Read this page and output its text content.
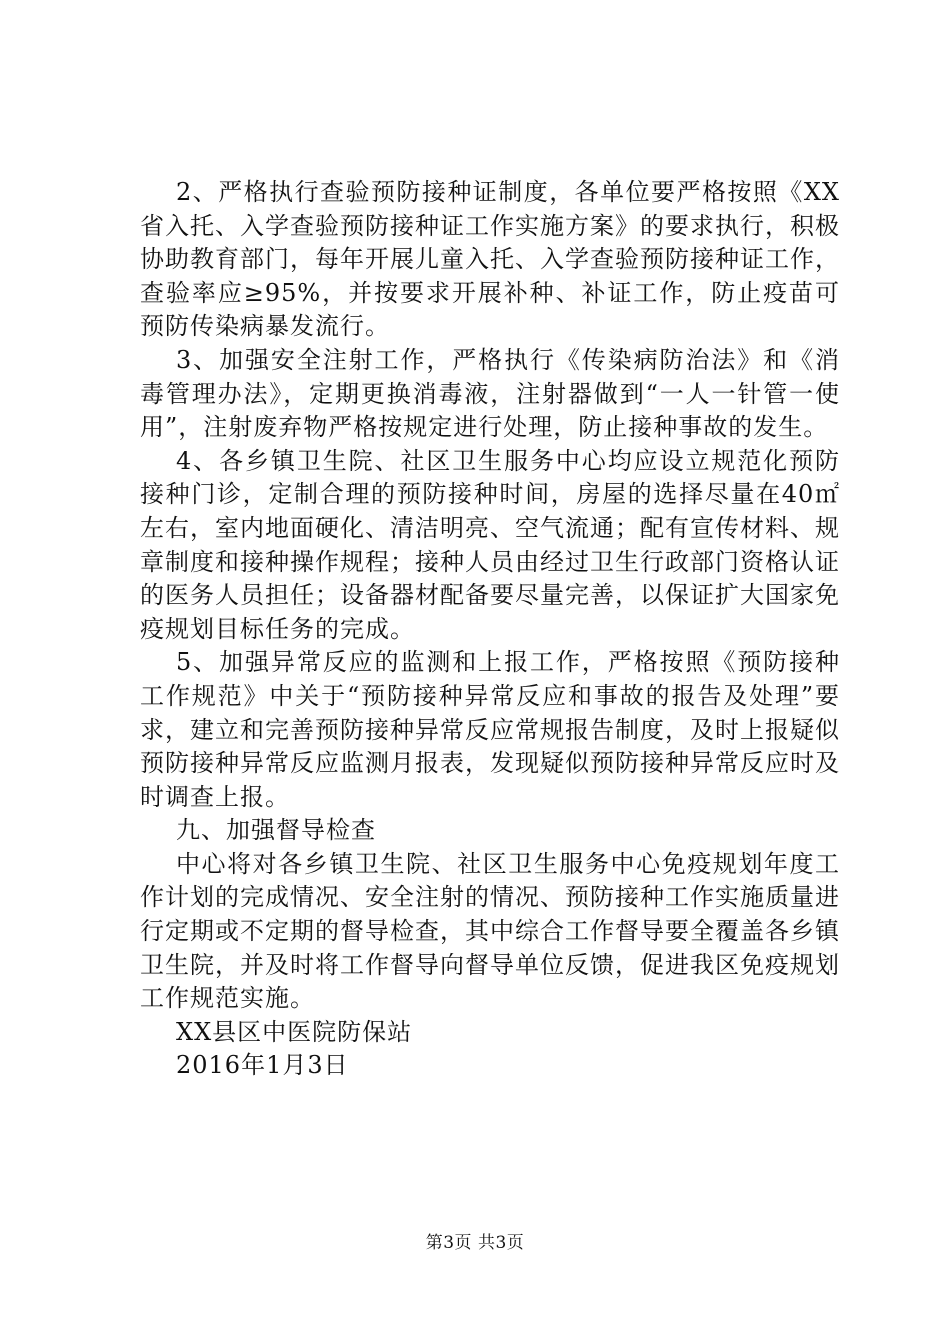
2、严格执行查验预防接种证制度，各单位要严格按照《XX省入托、入学查验预防接种证工作实施方案》的要求执行，积极协助教育部门，每年开展儿童入托、入学查验预防接种证工作，查验率应≥95%，并按要求开展补种、补证工作，防止疫苗可预防传染病暴发流行。

3、加强安全注射工作，严格执行《传染病防治法》和《消毒管理办法》，定期更换消毒液，注射器做到“一人一针管一使用”，注射废弃物严格按规定进行处理，防止接种事故的发生。

4、各乡镇卫生院、社区卫生服务中心均应设立规范化预防接种门诊，定制合理的预防接种时间，房屋的选择尽量在40㎡左右，室内地面硬化、清洁明亮、空气流通；配有宣传材料、规章制度和接种操作规程；接种人员由经过卫生行政部门资格认证的医务人员担任；设备器材配备要尽量完善，以保证扩大国家免疫规划目标任务的完成。

5、加强异常反应的监测和上报工作，严格按照《预防接种工作规范》中关于“预防接种异常反应和事故的报告及处理”要求，建立和完善预防接种异常反应常规报告制度，及时上报疑似预防接种异常反应监测月报表，发现疑似预防接种异常反应时及时调查上报。

九、加强督导检查

中心将对各乡镇卫生院、社区卫生服务中心免疫规划年度工作计划的完成情况、安全注射的情况、预防接种工作实施质量进行定期或不定期的督导检查，其中综合工作督导要全覆盖各乡镇卫生院，并及时将工作督导向督导单位反馈，促进我区免疫规划工作规范实施。

XX县区中医院防保站

2016年1月3日

第3页 共3页
